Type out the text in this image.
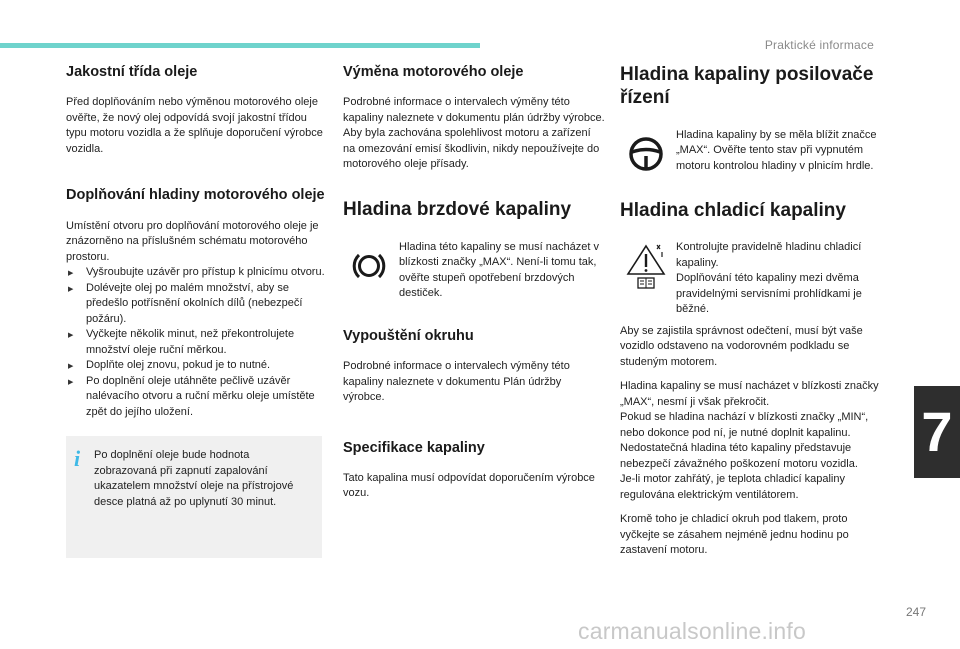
Praktické informace
Jakostní třída oleje

Před doplňováním nebo výměnou motorového oleje ověřte, že nový olej odpovídá svojí jakostní třídou typu motoru vozidla a že splňuje doporučení výrobce vozidla.

Doplňování hladiny motorového oleje

Umístění otvoru pro doplňování motorového oleje je znázorněno na příslušném schématu motorového prostoru.

▶ Vyšroubujte uzávěr pro přístup k plnicímu otvoru.
▶ Dolévejte olej po malém množství, aby se předešlo potřísnění okolních dílů (nebezpečí požáru).
▶ Vyčkejte několik minut, než překontrolujete množství oleje ruční měrkou.
▶ Doplňte olej znovu, pokud je to nutné.
▶ Po doplnění oleje utáhněte pečlivě uzávěr nalévacího otvoru a ruční měrku oleje umístěte zpět do jejího uložení.
i	Po doplnění oleje bude hodnota zobrazovaná při zapnutí zapalování ukazatelem množství oleje na přístrojové desce platná až po uplynutí 30 minut.

Výměna motorového oleje

Podrobné informace o intervalech výměny této kapaliny naleznete v dokumentu plán údržby výrobce.

Aby byla zachována spolehlivost motoru a zařízení na omezování emisí škodlivin, nikdy nepoužívejte do motorového oleje přísady.

Hladina brzdové kapaliny

Hladina této kapaliny se musí nacházet v blízkosti značky „MAX“. Není-li tomu tak, ověřte stupeň opotřebení brzdových destiček.

Vypouštění okruhu

Podrobné informace o intervalech výměny této kapaliny naleznete v dokumentu Plán údržby výrobce.

Specifikace kapaliny

Tato kapalina musí odpovídat doporučením výrobce vozu.

Hladina kapaliny posilovače řízení

Hladina kapaliny by se měla blížit značce „MAX“. Ověřte tento stav při vypnutém motoru kontrolou hladiny v plnicím hrdle.

Hladina chladicí kapaliny

Kontrolujte pravidelně hladinu chladicí kapaliny.
Doplňování této kapaliny mezi dvěma pravidelnými servisními prohlídkami je běžné.

Aby se zajistila správnost odečtení, musí být vaše vozidlo odstaveno na vodorovném podkladu se studeným motorem.

Hladina kapaliny se musí nacházet v blízkosti značky „MAX“, nesmí ji však překročit.

Pokud se hladina nachází v blízkosti značky „MIN“, nebo dokonce pod ní, je nutné doplnit kapalinu.

Nedostatečná hladina této kapaliny představuje nebezpečí závažného poškození motoru vozidla.

Je-li motor zahřátý, je teplota chladicí kapaliny regulována elektrickým ventilátorem.

Kromě toho je chladicí okruh pod tlakem, proto vyčkejte se zásahem nejméně jednu hodinu po zastavení motoru.

7
247
carmanualsonline.info
